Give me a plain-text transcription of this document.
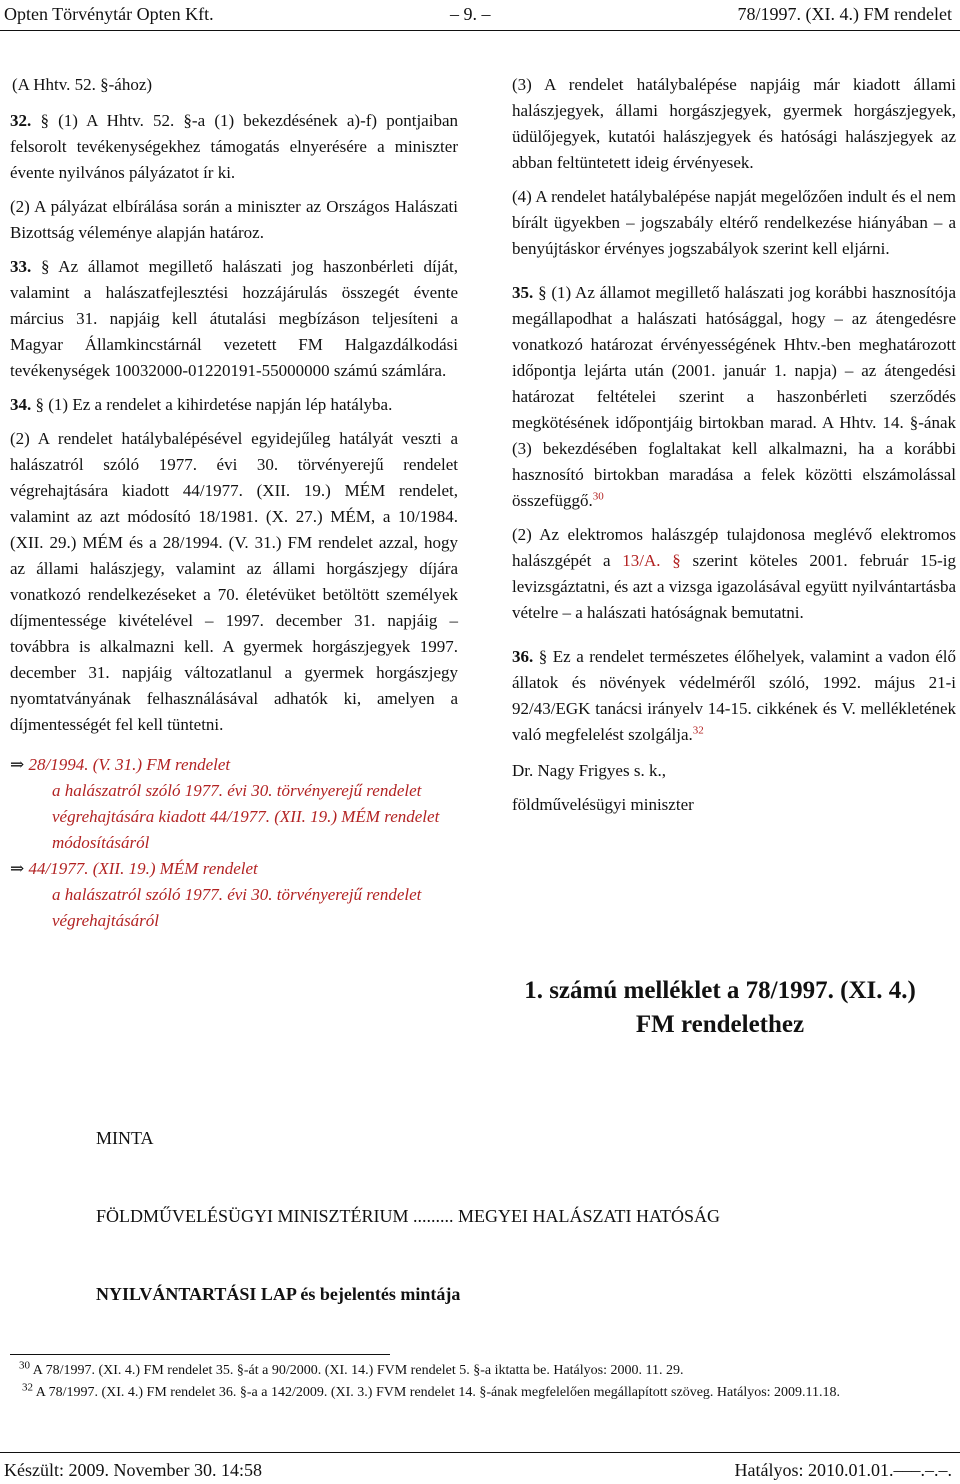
Opten Törvénytár Opten Kft.	– 9. –	78/1997. (XI. 4.) FM rendelet

(A Hhtv. 52. §-ához)

32. § (1) A Hhtv. 52. §-a (1) bekezdésének a)-f) pontjaiban felsorolt tevékenységekhez támogatás elnyerésére a miniszter évente nyilvános pályázatot ír ki.

(2) A pályázat elbírálása során a miniszter az Országos Halászati Bizottság véleménye alapján határoz.

33. § Az államot megillető halászati jog haszonbérleti díját, valamint a halászatfejlesztési hozzájárulás összegét évente március 31. napjáig kell átutalási megbízáson teljesíteni a Magyar Államkincstárnál vezetett FM Halgazdálkodási tevékenységek 10032000-01220191-55000000 számú számlára.

34. § (1) Ez a rendelet a kihirdetése napján lép hatályba.

(2) A rendelet hatálybalépésével egyidejűleg hatályát veszti a halászatról szóló 1977. évi 30. törvényerejű rendelet végrehajtására kiadott 44/1977. (XII. 19.) MÉM rendelet, valamint az azt módosító 18/1981. (X. 27.) MÉM, a 10/1984. (XII. 29.) MÉM és a 28/1994. (V. 31.) FM rendelet azzal, hogy az állami halászjegy, valamint az állami horgászjegy díjára vonatkozó rendelkezéseket a 70. életévüket betöltött személyek díjmentessége kivételével – 1997. december 31. napjáig – továbbra is alkalmazni kell. A gyermek horgászjegyek 1997. december 31. napjáig változatlanul a gyermek horgászjegy nyomtatványának felhasználásával adhatók ki, amelyen a díjmentességét fel kell tüntetni.

⇒ 28/1994. (V. 31.) FM rendelet

a halászatról szóló 1977. évi 30. törvényerejű rendelet végrehajtására kiadott 44/1977. (XII. 19.) MÉM rendelet módosításáról

⇒ 44/1977. (XII. 19.) MÉM rendelet

a halászatról szóló 1977. évi 30. törvényerejű rendelet végrehajtásáról

(3) A rendelet hatálybalépése napjáig már kiadott állami halászjegyek, állami horgászjegyek, gyermek horgászjegyek, üdülőjegyek, kutatói halászjegyek és hatósági halászjegyek az abban feltüntetett ideig érvényesek.

(4) A rendelet hatálybalépése napját megelőzően indult és el nem bírált ügyekben – jogszabály eltérő rendelkezése hiányában – a benyújtáskor érvényes jogszabályok szerint kell eljárni.

35. § (1) Az államot megillető halászati jog korábbi hasznosítója megállapodhat a halászati hatósággal, hogy – az átengedésre vonatkozó határozat érvényességének Hhtv.-ben meghatározott időpontja lejárta után (2001. január 1. napja) – az átengedési határozat feltételei szerint a haszonbérleti szerződés megkötésének időpontjáig birtokban marad. A Hhtv. 14. §-ának (3) bekezdésében foglaltakat kell alkalmazni, ha a korábbi hasznosító birtokban maradása a felek közötti elszámolással összefüggő.$^{30}$

(2) Az elektromos halászgép tulajdonosa meglévő elektromos halászgépét a 13/A. § szerint köteles 2001. február 15-ig levizsgáztatni, és azt a vizsga igazolásával együtt nyilvántartásba vételre – a halászati hatóságnak bemutatni.

36. § Ez a rendelet természetes élőhelyek, valamint a vadon élő állatok és növények védelméről szóló, 1992. május 21-i 92/43/EGK tanácsi irányelv 14-15. cikkének és V. mellékletének való megfelelést szolgálja.$^{32}$

Dr. Nagy Frigyes s. k.,

földművelésügyi miniszter

1. számú melléklet a 78/1997. (XI. 4.)
FM rendelethez
MINTA
FÖLDMŰVELÉSÜGYI MINISZTÉRIUM ......... MEGYEI HALÁSZATI HATÓSÁG
NYILVÁNTARTÁSI LAP és bejelentés mintája
$^{30}$ A 78/1997. (XI. 4.) FM rendelet 35. §-át a 90/2000. (XI. 14.) FVM rendelet 5. §-a iktatta be. Hatályos: 2000. 11. 29.
$^{32}$ A 78/1997. (XI. 4.) FM rendelet 36. §-a a 142/2009. (XI. 3.) FVM rendelet 14. §-ának megfelelően megállapított szöveg. Hatályos: 2009.11.18.
Készült: 2009. November 30. 14:58	Hatályos: 2010.01.01.–––.–.–.
